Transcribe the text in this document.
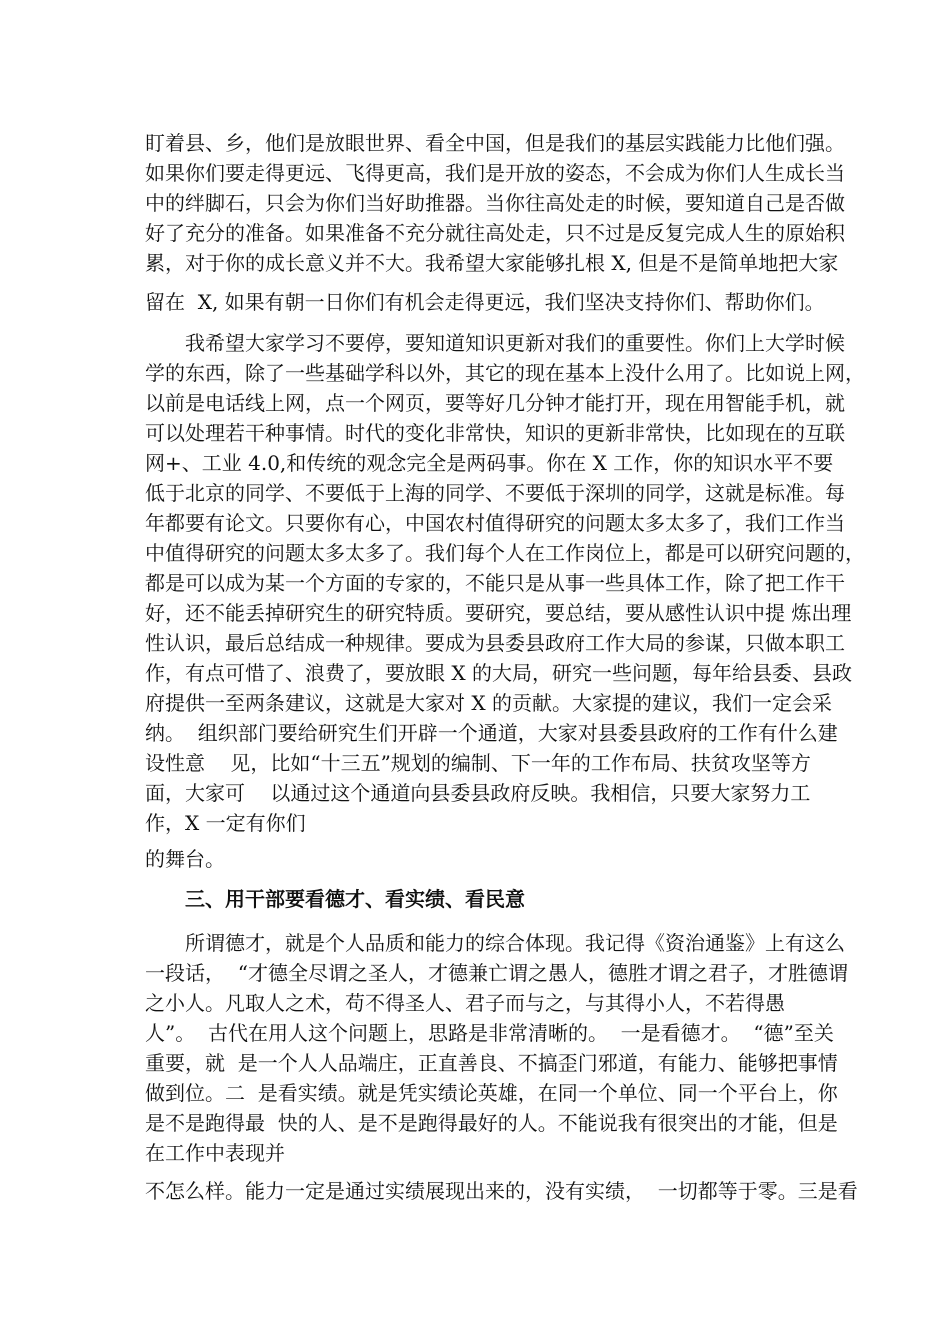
盯着县、乡，他们是放眼世界、看全中国，但是我们的基层实践能力比他们强。
如果你们要走得更远、飞得更高，我们是开放的姿态，不会成为你们人生成长当
中的绊脚石，只会为你们当好助推器。当你往高处走的时候，要知道自己是否做
好了充分的准备。如果准备不充分就往高处走，只不过是反复完成人生的原始积
累，对于你的成长意义并不大。我希望大家能够扎根 X, 但是不是简单地把大家
留在  X, 如果有朝一日你们有机会走得更远，我们坚决支持你们、帮助你们。
我希望大家学习不要停，要知道知识更新对我们的重要性。你们上大学时候
学的东西，除了一些基础学科以外，其它的现在基本上没什么用了。比如说上网，
以前是电话线上网，点一个网页，要等好几分钟才能打开，现在用智能手机，就
可以处理若干种事情。时代的变化非常快，知识的更新非常快，比如现在的互联
网+、工业 4.0,和传统的观念完全是两码事。你在 X 工作，你的知识水平不要
低于北京的同学、不要低于上海的同学、不要低于深圳的同学，这就是标准。每
年都要有论文。只要你有心，中国农村值得研究的问题太多太多了，我们工作当
中值得研究的问题太多太多了。我们每个人在工作岗位上，都是可以研究问题的，
都是可以成为某一个方面的专家的，不能只是从事一些具体工作，除了把工作干
好，还不能丢掉研究生的研究特质。要研究，要总结，要从感性认识中提 炼出理
性认识，最后总结成一种规律。要成为县委县政府工作大局的参谋，只做本职工
作，有点可惜了、浪费了，要放眼 X 的大局，研究一些问题，每年给县委、县政
府提供一至两条建议，这就是大家对 X 的贡献。大家提的建议，我们一定会采
纳。  组织部门要给研究生们开辟一个通道，大家对县委县政府的工作有什么建
设性意    见，比如“十三五”规划的编制、下一年的工作布局、扶贫攻坚等方
面，大家可    以通过这个通道向县委县政府反映。我相信，只要大家努力工
作，X 一定有你们
的舞台。
三、用干部要看德才、看实绩、看民意
所谓德才，就是个人品质和能力的综合体现。我记得《资治通鉴》上有这么
一段话，  “才德全尽谓之圣人，才德兼亡谓之愚人，德胜才谓之君子，才胜德谓
之小人。凡取人之术，苟不得圣人、君子而与之，与其得小人，不若得愚
人”。  古代在用人这个问题上，思路是非常清晰的。  一是看德才。  “德”至关
重要，就  是一个人人品端庄，正直善良、不搞歪门邪道，有能力、能够把事情
做到位。二  是看实绩。就是凭实绩论英雄，在同一个单位、同一个平台上，你
是不是跑得最  快的人、是不是跑得最好的人。不能说我有很突出的才能，但是
在工作中表现并
不怎么样。能力一定是通过实绩展现出来的，没有实绩，  一切都等于零。三是看
